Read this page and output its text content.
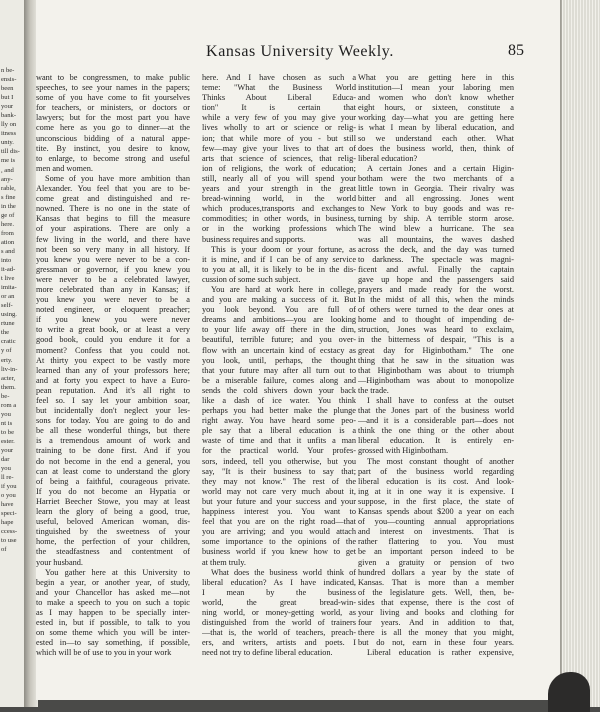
n be-
ensis-
been
but I
your
bank-
lly on
itness
unty.
till dis-
me is
, and
any-
rable,
s fine
in the
ge of
here.
from
ation
s and
into
it-ad-
t live
imita-
or an
self-
using.
rtune
the
cratic
y of
erty.
liv-in-
acter,
them.
be-
rom a
you
nt is
to be
ester.
your
dar
you
ll re-
if you
o you
have
speci-
hape
ccess-
to use
of
Kansas University Weekly.	85
want to be congressmen, to make public
speeches, to see your names in the papers;
some of you have come to fit yourselves
for teachers, or ministers, or doctors or
lawyers; but for the most part you have
come here as you go to dinner—at the
unconscious bidding of a natural appe-
tite. By instinct, you desire to know,
to enlarge, to become strong and useful
men and women.
Some of you have more ambition than
Alexander. You feel that you are to be-
come great and distinguished and re-
nowned. There is no one in the state of
Kansas that begins to fill the measure
of your aspirations. There are only a
few living in the world, and there have
not been so very many in all history. If
you knew you were never to be a con-
gressman or governor, if you knew you
were never to be a celebrated lawyer,
more celebrated than any in Kansas; if
you knew you were never to be a
noted engineer, or eloquent preacher;
if you knew you were never
to write a great book, or at least a very
good book, could you endure it for a
moment? Confess that you could not.
At thirty you expect to be vastly more
learned than any of your professors here;
and at forty you expect to have a Euro-
pean reputation. And it's all right to
feel so. I say let your ambition soar,
but incidentally don't neglect your les-
sons for today. You are going to do and
be all these wonderful things, but there
is a tremendous amount of work and
training to be done first. And if you
do not become in the end a general, you
can at least come to understand the glory
of being a faithful, courageous private.
If you do not become an Hypatia or
Harriet Beecher Stowe, you may at least
learn the glory of being a good, true,
useful, beloved American woman, dis-
tinguished by the sweetness of your
home, the perfection of your children,
the steadfastness and contentment of
your husband.
You gather here at this University to
begin a year, or another year, of study,
and your Chancellor has asked me—not
to make a speech to you on such a topic
as I may happen to be specially inter-
ested in, but if possible, to talk to you
on some theme which you will be inter-
ested in—to say something, if possible,
which will be of use to you in your work
here. And I have chosen as such a
teme: "What the Business World
Thinks About Liberal Educa-
tion" It is certain that
while a very few of you may give your
lives wholly to art or science or relig-
ion; that while more of you - but still
few—may give your lives to that art of
arts that science of sciences, that relig-
ion of religions, the work of education;
still, nearly all of you will spend your
years and your strength in the great
bread-winning world, in the world
which produces,transports and exchanges
commodities; in other words, in business,
or in the working professions which
business requires and supports.
This is your doom or your fortune, as
it is mine, and if I can be of any service
to you at all, it is likely to be in the dis-
cussion of some such subject.
You are hard at work here in college,
and you are making a success of it. But
you look beyond. You are full of
dreams and ambitions—you are looking
to your life away off there in the dim,
beautiful, terrible future; and you over-
flow with an uncertain kind of ecstacy as
you look, until, perhaps, the thought
that your future may after all turn out to
be a miserable failure, comes along and
sends the cold shivers down your back
like a dash of ice water. You think
perhaps you had better make the plunge
right away. You have heard some peo-
ple say that a liberal education is a
waste of time and that it unfits a man
for the practical world. Your profes-
sors, indeed, tell you otherwise, but you
say, "It is their business to say that;
they may not know." The rest of the
world may not care very much about it,
but your future and your success and your
happiness interest you. You want to
feel that you are on the right road—that
you are arriving; and you would attach
some importance to the opinions of the
business world if you knew how to get
at them truly.
What does the business world think of
liberal education? As I have indicated,
I mean by the business
world, the great bread-win-
ning world, or money-getting world, as
distinguished from the world of trainers
—that is, the world of teachers, preach-
ers, and writers, artists and poets. I
need not try to define liberal education.
What you are getting here in this
institution—I mean your laboring men
and women who don't know whether
eight hours, or sixteen, constitute a
working day—what you are getting here
is what I mean by liberal education, and
so we understand each other. What
does the business world, then, think of
liberal education?
A certain Jones and a certain Higin-
botham were the two merchants of a
little town in Georgia. Their rivalry was
bitter and all engrossing. Jones went
to New York to buy goods and was re-
turning by ship. A terrible storm arose.
The wind blew a hurricane. The sea
was all mountains, the waves dashed
across the deck, and the day was turned
to darkness. The spectacle was magni-
ficent and awful. Finally the captain
gave up hope and the passengers said
prayers and made ready for the worst.
In the midst of all this, when the minds
of others were turned to the dear ones at
home and to thought of impending de-
struction, Jones was heard to exclaim,
in the bitterness of despair, "This is a
great day for Higinbotham." The one
thing that he saw in the situation was
that Higinbotham was about to triumph
—Higinbotham was about to monopolize
the trade.
I shall have to confess at the outset
that the Jones part of the business world
—and it is a considerable part—does not
think the one thing or the other about
liberal education. It is entirely en-
grossed with Higinbotham.
The most constant thought of another
part of the business world regarding
liberal education is its cost. And look-
ing at it in one way it is expensive. I
suppose, in the first place, the state of
Kansas spends about $200 a year on each
of you—counting annual appropriations
and interest on investments. That is
rather flattering to you. You must
be an important person indeed to be
given a gratuity or pension of two
hundred dollars a year by the state of
Kansas. That is more than a member
of the legislature gets. Well, then, be-
sides that expense, there is the cost of
your living and books and clothing for
four years. And in addition to that,
there is all the money that you might,
but do not, earn in these four years.
Liberal education is rather expensive,
